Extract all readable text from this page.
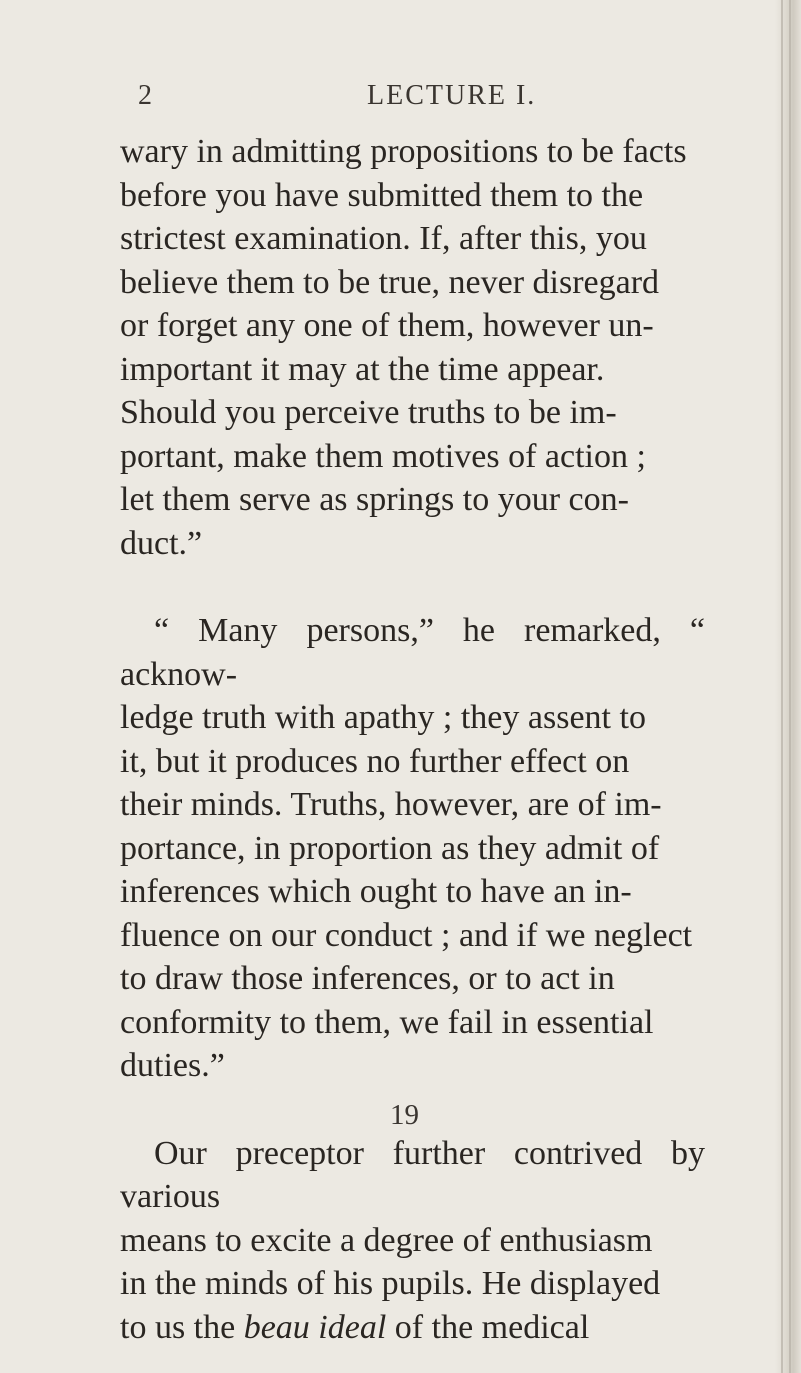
2	LECTURE I.

wary in admitting propositions to be facts
before you have submitted them to the
strictest examination. If, after this, you
believe them to be true, never disregard
or forget any one of them, however un-
important it may at the time appear.
Should you perceive truths to be im-
portant, make them motives of action ;
let them serve as springs to your con-
duct.”

“ Many persons,” he remarked, “ acknow-
ledge truth with apathy ; they assent to
it, but it produces no further effect on
their minds. Truths, however, are of im-
portance, in proportion as they admit of
inferences which ought to have an in-
fluence on our conduct ; and if we neglect
to draw those inferences, or to act in
conformity to them, we fail in essential
duties.”

Our preceptor further contrived by various
means to excite a degree of enthusiasm
in the minds of his pupils. He displayed
to us the beau ideal of the medical

19
